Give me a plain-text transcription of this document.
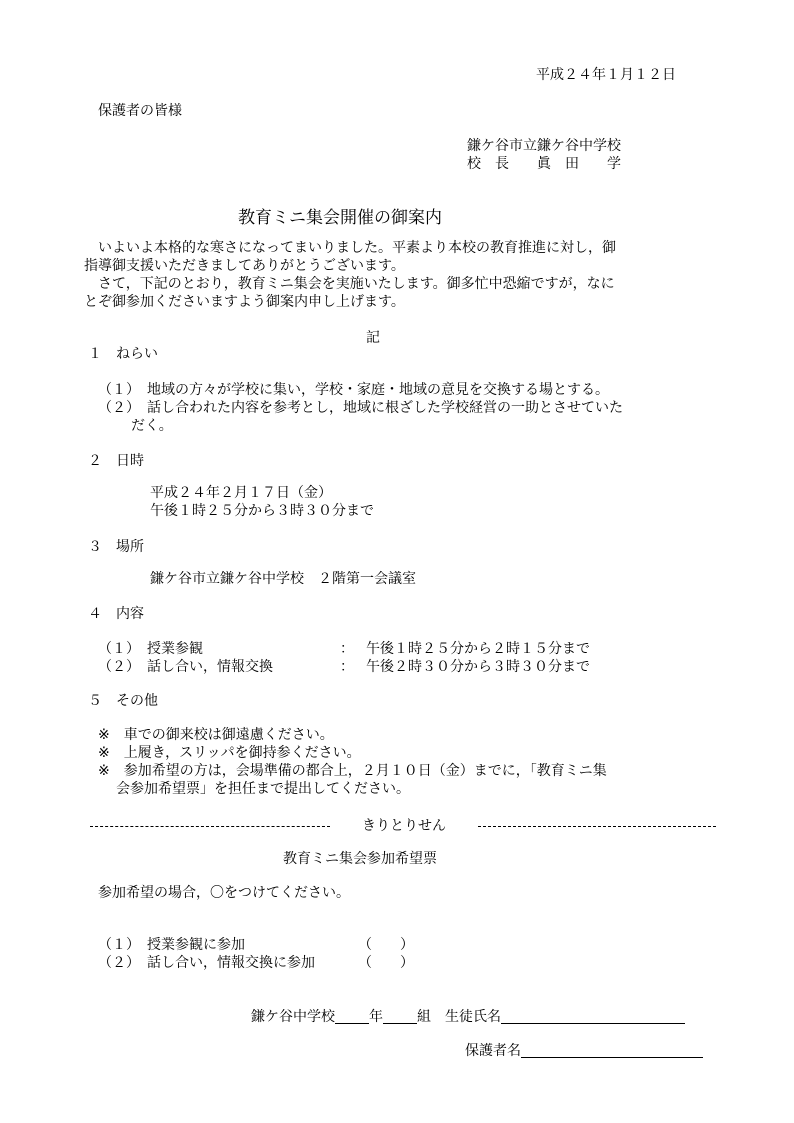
平成２４年１月１２日
保護者の皆様
鎌ケ谷市立鎌ケ谷中学校
校　長　　眞　田　　学
教育ミニ集会開催の御案内
　いよいよ本格的な寒さになってまいりました。平素より本校の教育推進に対し，御
指導御支援いただきましてありがとうございます。
　さて，下記のとおり，教育ミニ集会を実施いたします。御多忙中恐縮ですが，なに
とぞ御参加くださいますよう御案内申し上げます。
記
１　ねらい
（１）　地域の方々が学校に集い，学校・家庭・地域の意見を交換する場とする。
（２）　話し合われた内容を参考とし，地域に根ざした学校経営の一助とさせていた
だく。
２　日時
平成２４年２月１７日（金）
午後１時２５分から３時３０分まで
３　場所
鎌ケ谷市立鎌ケ谷中学校　２階第一会議室
４　内容
（１）　授業参観	： 午後１時２５分から２時１５分まで
（２）　話し合い，情報交換	： 午後２時３０分から３時３０分まで
５　その他
※　車での御来校は御遠慮ください。
※　上履き，スリッパを御持参ください。
※　参加希望の方は，会場準備の都合上，２月１０日（金）までに，「教育ミニ集
会参加希望票」を担任まで提出してください。
きりとりせん
教育ミニ集会参加希望票
参加希望の場合，〇をつけてください。
（１）　授業参観に参加	（　　）
（２）　話し合い，情報交換に参加	（　　）
鎌ケ谷中学校 年 組 生徒氏名
保護者名
